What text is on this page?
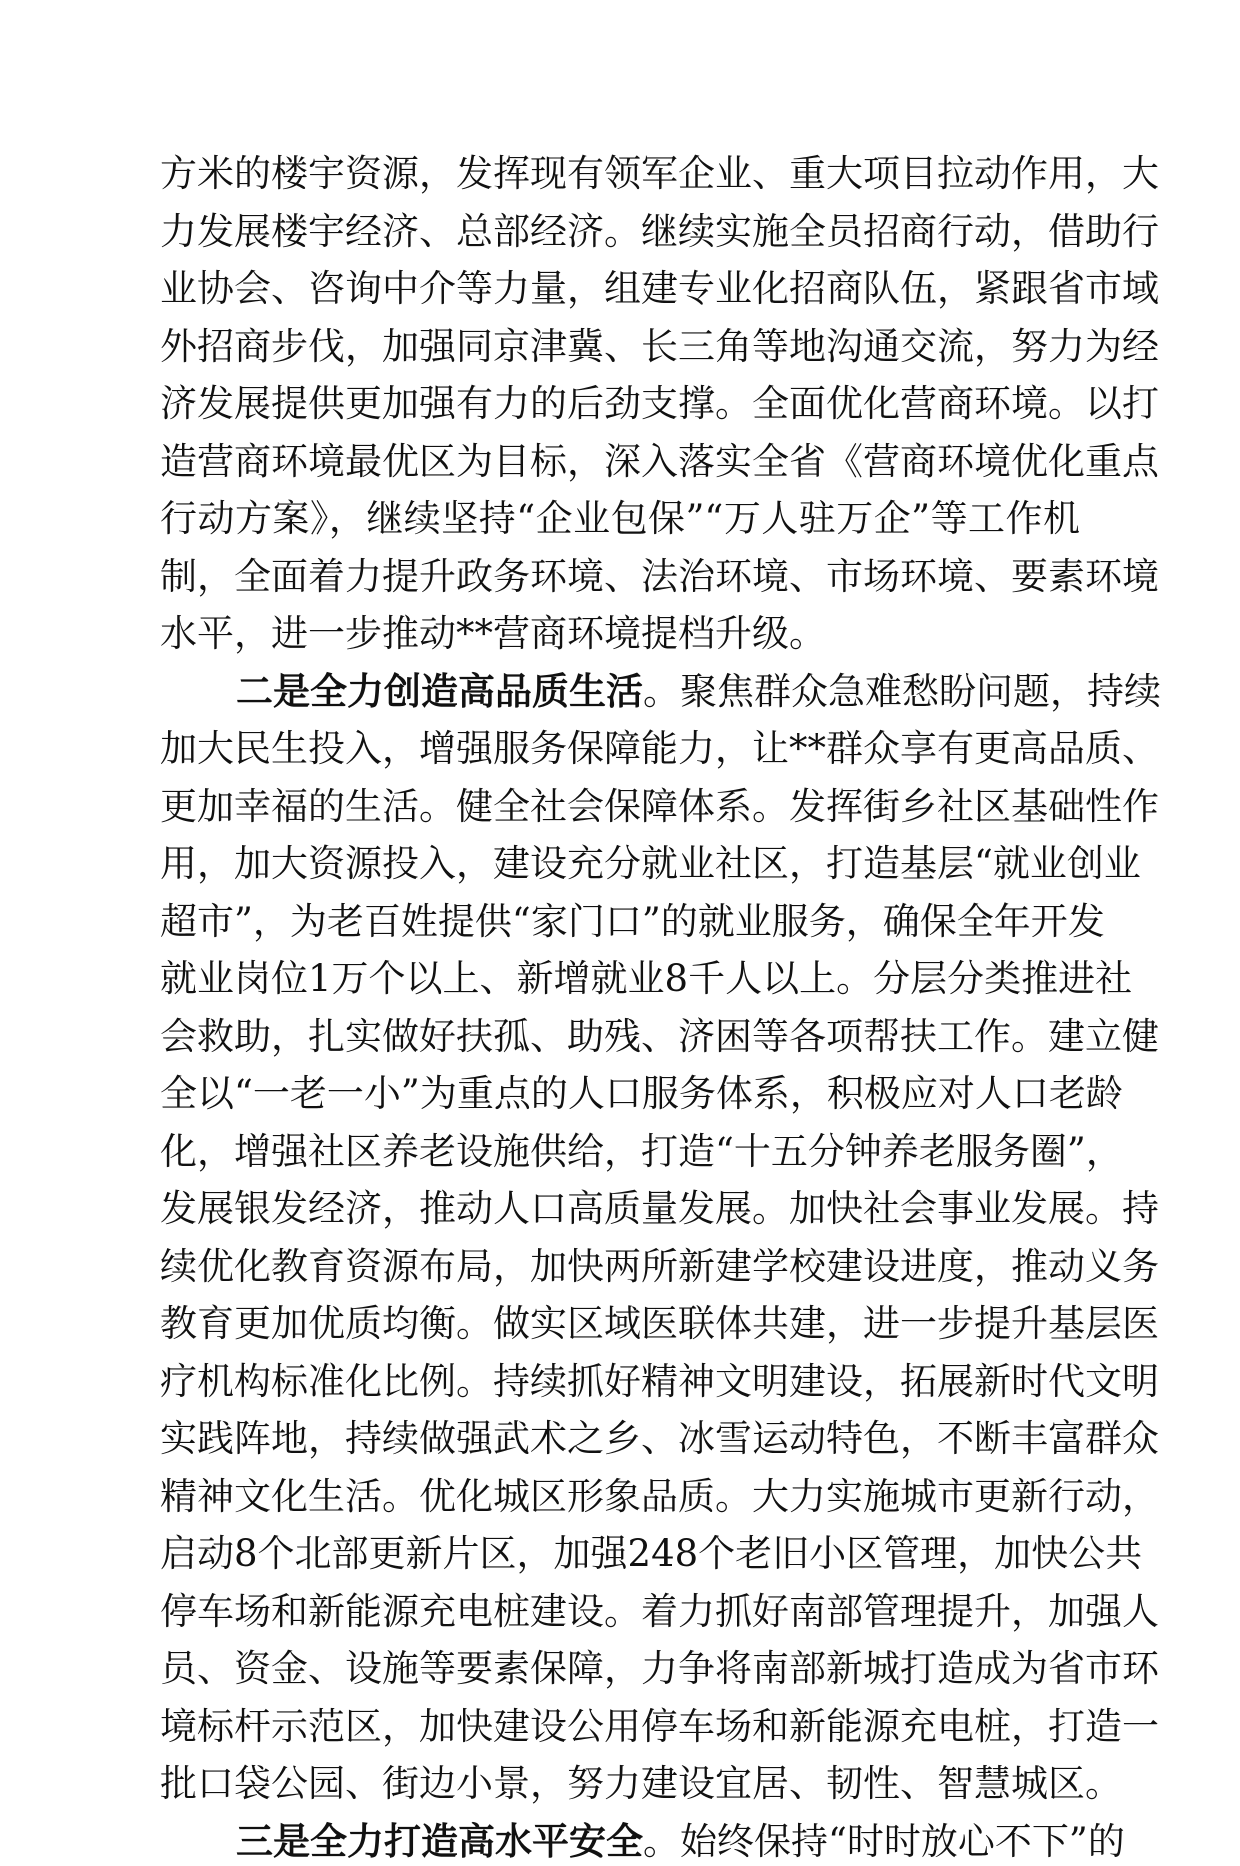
方米的楼宇资源，发挥现有领军企业、重大项目拉动作用，大
力发展楼宇经济、总部经济。继续实施全员招商行动，借助行
业协会、咨询中介等力量，组建专业化招商队伍，紧跟省市域
外招商步伐，加强同京津冀、长三角等地沟通交流，努力为经
济发展提供更加强有力的后劲支撑。全面优化营商环境。以打
造营商环境最优区为目标，深入落实全省《营商环境优化重点
行动方案》，继续坚持“企业包保”“万人驻万企”等工作机
制，全面着力提升政务环境、法治环境、市场环境、要素环境
水平，进一步推动**营商环境提档升级。
二是全力创造高品质生活。聚焦群众急难愁盼问题，持续
加大民生投入，增强服务保障能力，让**群众享有更高品质、
更加幸福的生活。健全社会保障体系。发挥街乡社区基础性作
用，加大资源投入，建设充分就业社区，打造基层“就业创业
超市”，为老百姓提供“家门口”的就业服务，确保全年开发
就业岗位1万个以上、新增就业8千人以上。分层分类推进社
会救助，扎实做好扶孤、助残、济困等各项帮扶工作。建立健
全以“一老一小”为重点的人口服务体系，积极应对人口老龄
化，增强社区养老设施供给，打造“十五分钟养老服务圈”，
发展银发经济，推动人口高质量发展。加快社会事业发展。持
续优化教育资源布局，加快两所新建学校建设进度，推动义务
教育更加优质均衡。做实区域医联体共建，进一步提升基层医
疗机构标准化比例。持续抓好精神文明建设，拓展新时代文明
实践阵地，持续做强武术之乡、冰雪运动特色，不断丰富群众
精神文化生活。优化城区形象品质。大力实施城市更新行动，
启动8个北部更新片区，加强248个老旧小区管理，加快公共
停车场和新能源充电桩建设。着力抓好南部管理提升，加强人
员、资金、设施等要素保障，力争将南部新城打造成为省市环
境标杆示范区，加快建设公用停车场和新能源充电桩，打造一
批口袋公园、街边小景，努力建设宜居、韧性、智慧城区。
三是全力打造高水平安全。始终保持“时时放心不下”的
